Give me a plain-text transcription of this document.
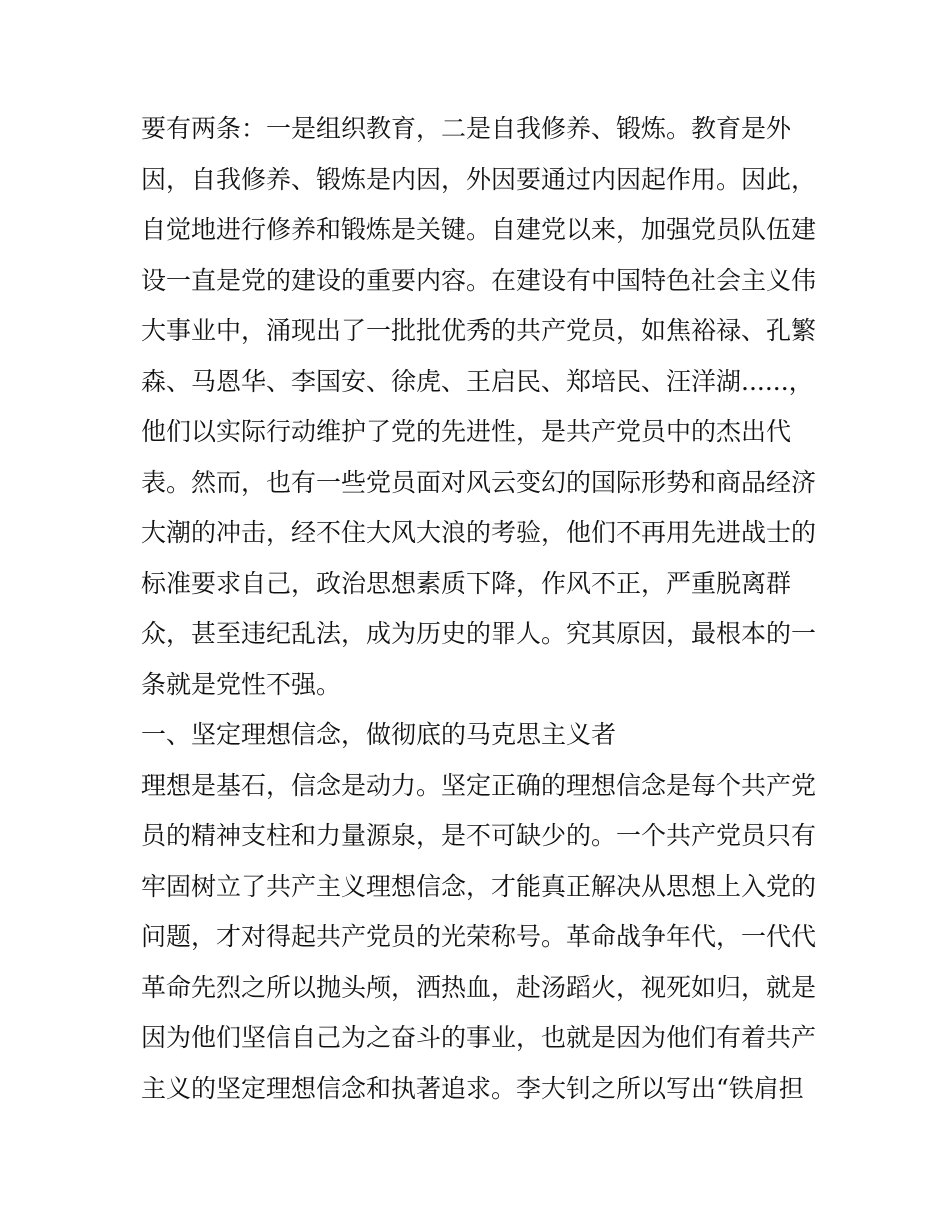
要有两条：一是组织教育，二是自我修养、锻炼。教育是外
因，自我修养、锻炼是内因，外因要通过内因起作用。因此，
自觉地进行修养和锻炼是关键。自建党以来，加强党员队伍建
设一直是党的建设的重要内容。在建设有中国特色社会主义伟
大事业中，涌现出了一批批优秀的共产党员，如焦裕禄、孔繁
森、马恩华、李国安、徐虎、王启民、郑培民、汪洋湖......，
他们以实际行动维护了党的先进性，是共产党员中的杰出代
表。然而，也有一些党员面对风云变幻的国际形势和商品经济
大潮的冲击，经不住大风大浪的考验，他们不再用先进战士的
标准要求自己，政治思想素质下降，作风不正，严重脱离群
众，甚至违纪乱法，成为历史的罪人。究其原因，最根本的一
条就是党性不强。
一、坚定理想信念，做彻底的马克思主义者
理想是基石，信念是动力。坚定正确的理想信念是每个共产党
员的精神支柱和力量源泉，是不可缺少的。一个共产党员只有
牢固树立了共产主义理想信念，才能真正解决从思想上入党的
问题，才对得起共产党员的光荣称号。革命战争年代，一代代
革命先烈之所以抛头颅，洒热血，赴汤蹈火，视死如归，就是
因为他们坚信自己为之奋斗的事业，也就是因为他们有着共产
主义的坚定理想信念和执著追求。李大钊之所以写出“铁肩担
